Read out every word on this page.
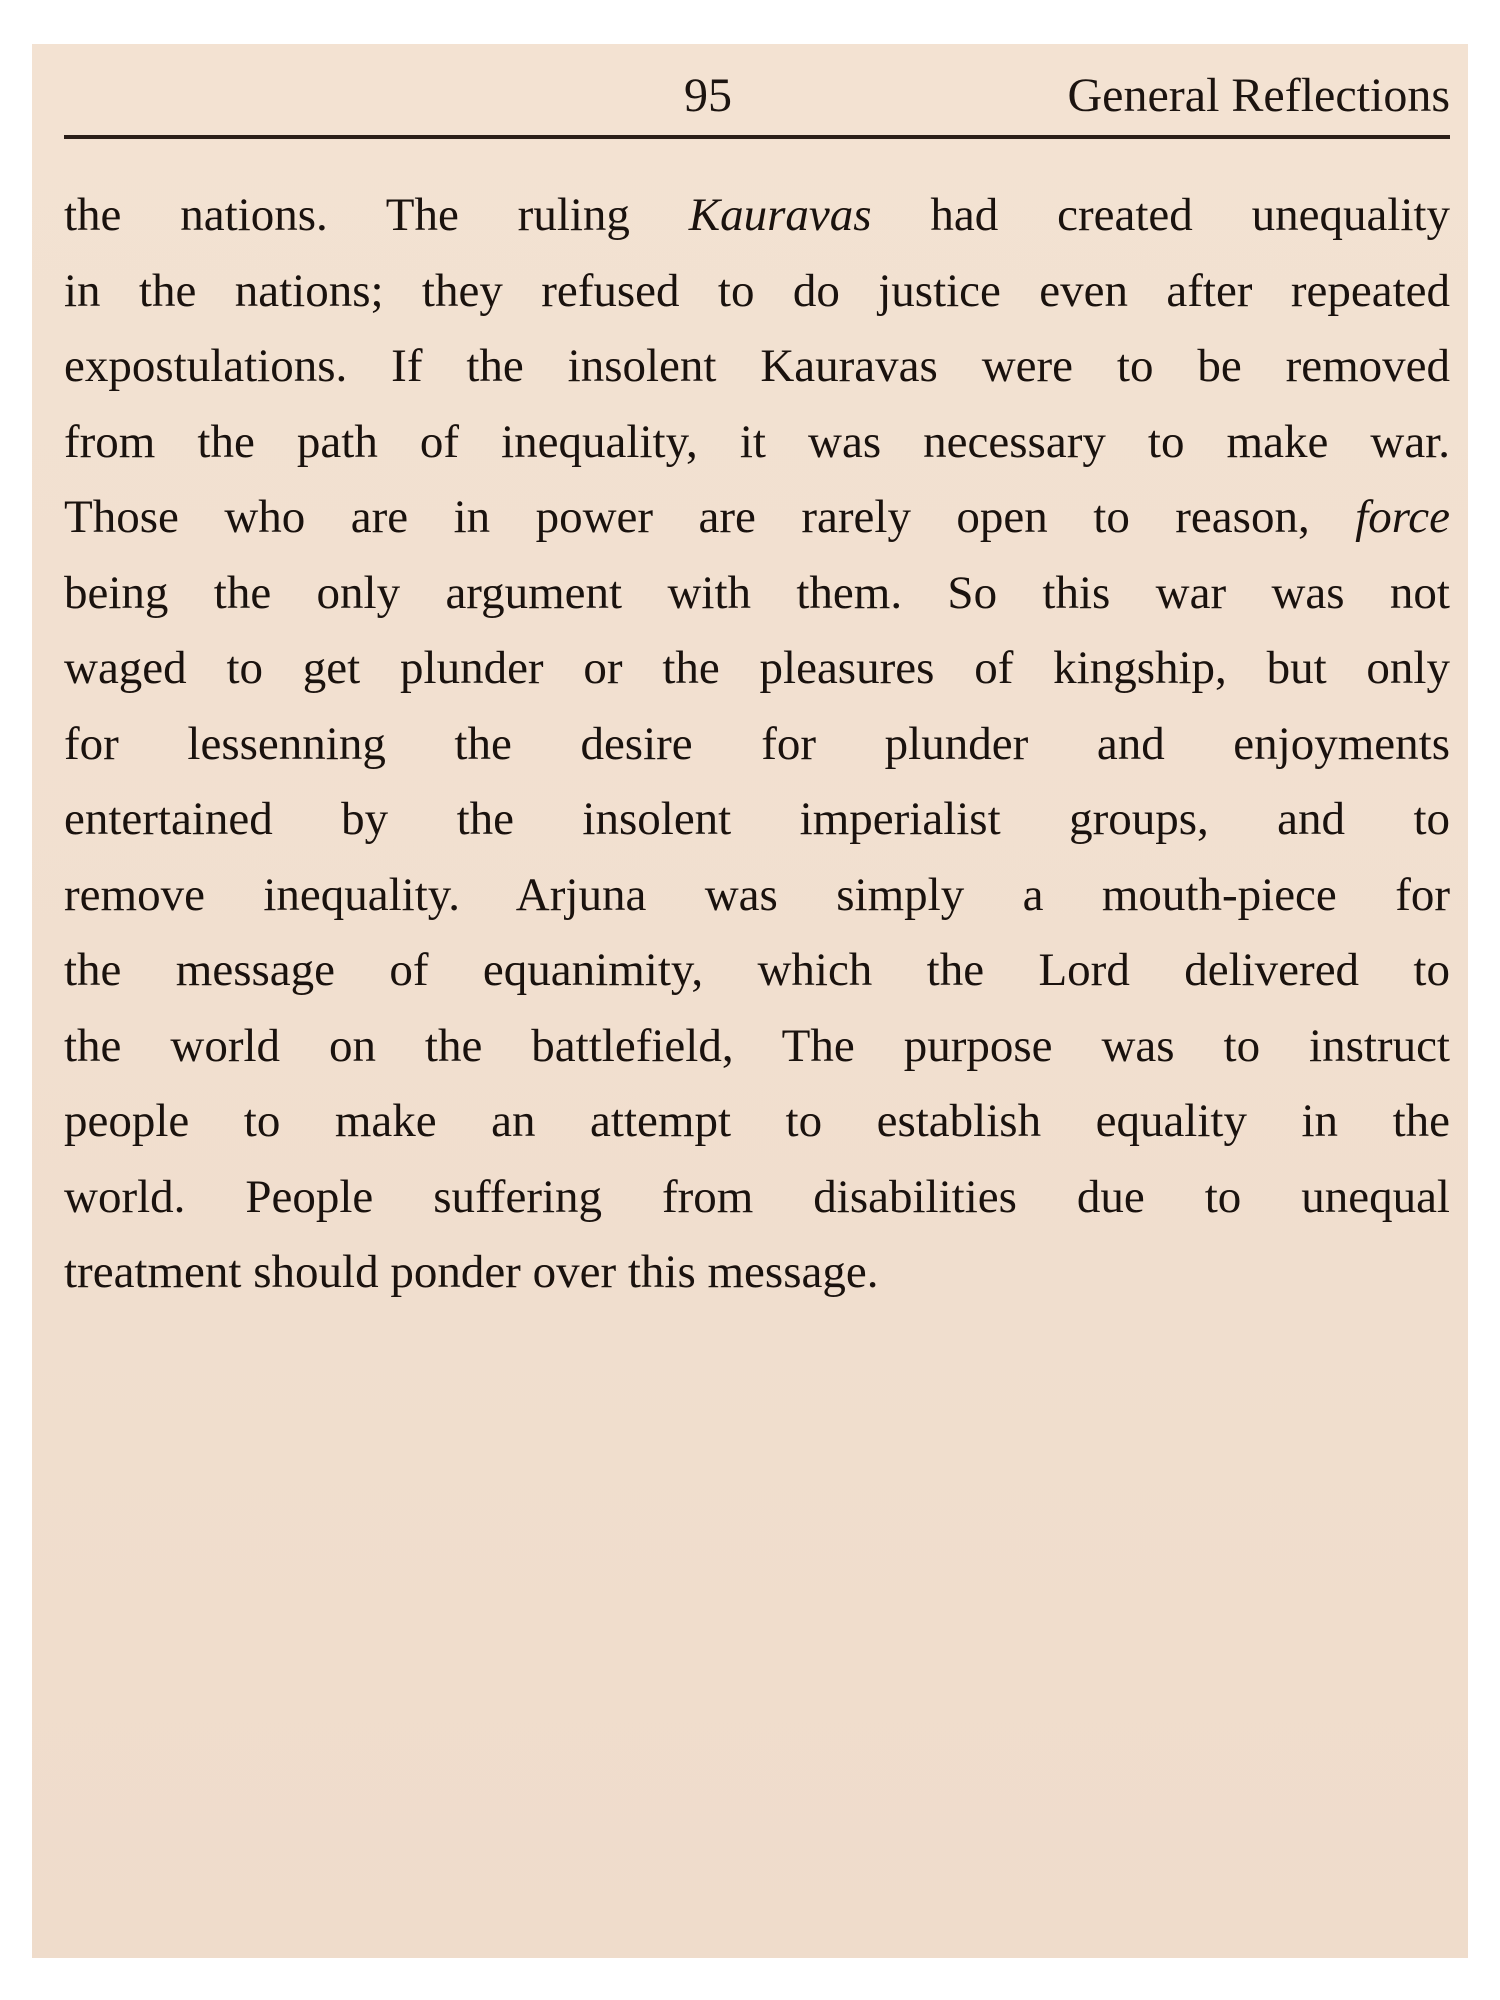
95	General Reflections
the nations. The ruling Kauravas had created unequality
in the nations; they refused to do justice even after repeated
expostulations. If the insolent Kauravas were to be removed
from the path of inequality, it was necessary to make war.
Those who are in power are rarely open to reason, force
being the only argument with them. So this war was not
waged to get plunder or the pleasures of kingship, but only
for lessenning the desire for plunder and enjoyments
entertained by the insolent imperialist groups, and to
remove inequality. Arjuna was simply a mouth-piece for
the message of equanimity, which the Lord delivered to
the world on the battlefield, The purpose was to instruct
people to make an attempt to establish equality in the
world. People suffering from disabilities due to unequal
treatment should ponder over this message.
